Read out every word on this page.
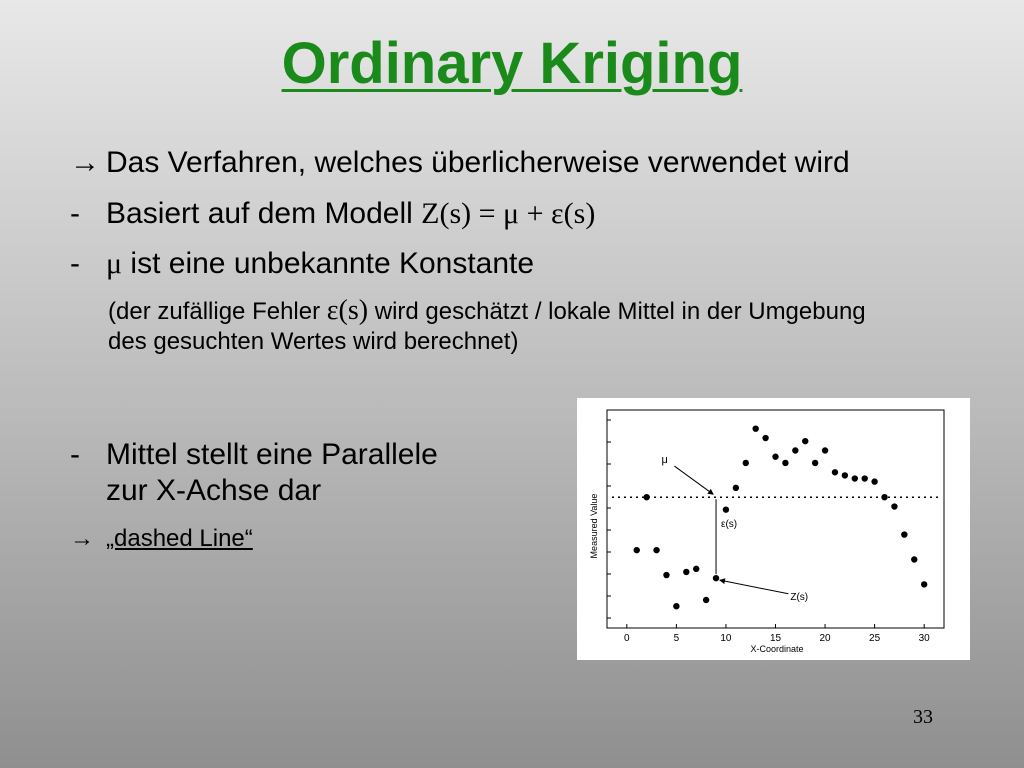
Ordinary Kriging
→ Das Verfahren, welches überlicherweise verwendet wird
- Basiert auf dem Modell Z(s) = μ + ε(s)
- μ ist eine unbekannte Konstante
(der zufällige Fehler ε(s) wird geschätzt / lokale Mittel in der Umgebung des gesuchten Wertes wird berechnet)
- Mittel stellt eine Parallele
zur X-Achse dar
→ „dashed Line“
0	5	10	15	20	25	30
μ
ε(s)
Z(s)
Measured Value
X-Coordinate
33
